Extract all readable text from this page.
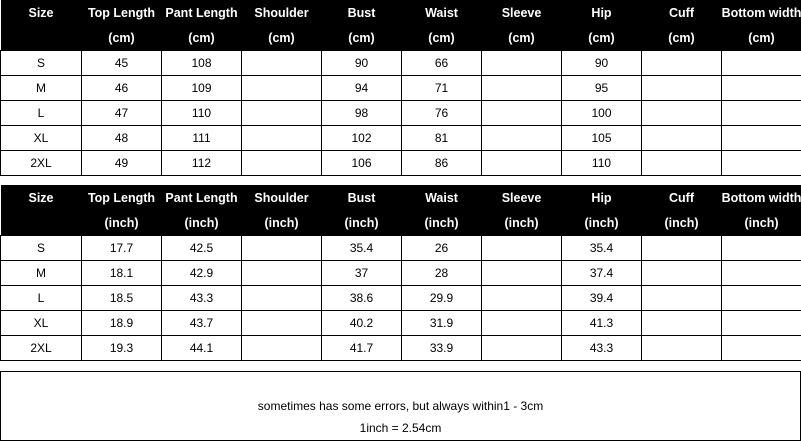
Size	Top Length	Pant Length	Shoulder	Bust	Waist	Sleeve	Hip	Cuff	Bottom width
	(cm)	(cm)	(cm)	(cm)	(cm)	(cm)	(cm)	(cm)	(cm)
S	45	108		90	66		90		
M	46	109		94	71		95		
L	47	110		98	76		100		
XL	48	111		102	81		105		
2XL	49	112		106	86		110		
Size	Top Length	Pant Length	Shoulder	Bust	Waist	Sleeve	Hip	Cuff	Bottom width
	(inch)	(inch)	(inch)	(inch)	(inch)	(inch)	(inch)	(inch)	(inch)
S	17.7	42.5		35.4	26		35.4		
M	18.1	42.9		37	28		37.4		
L	18.5	43.3		38.6	29.9		39.4		
XL	18.9	43.7		40.2	31.9		41.3		
2XL	19.3	44.1		41.7	33.9		43.3		
sometimes has some errors, but always within1 - 3cm
1inch = 2.54cm
